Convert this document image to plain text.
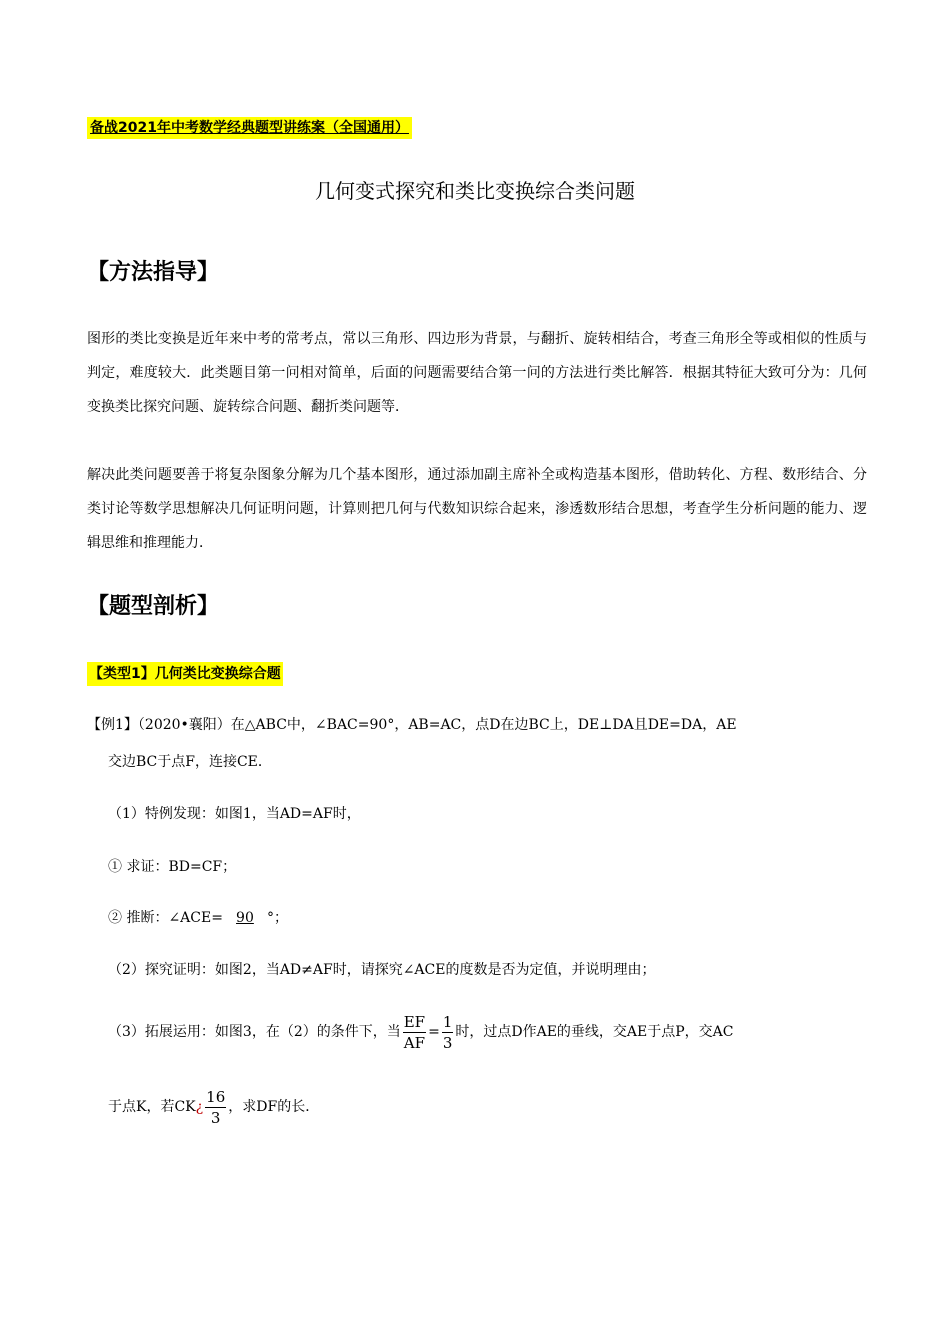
备战2021年中考数学经典题型讲练案（全国通用）
几何变式探究和类比变换综合类问题
【方法指导】
图形的类比变换是近年来中考的常考点，常以三角形、四边形为背景，与翻折、旋转相结合，考查三角形全等或相似的性质与判定，难度较大．此类题目第一问相对简单，后面的问题需要结合第一问的方法进行类比解答．根据其特征大致可分为：几何变换类比探究问题、旋转综合问题、翻折类问题等．
解决此类问题要善于将复杂图象分解为几个基本图形，通过添加副主席补全或构造基本图形，借助转化、方程、数形结合、分类讨论等数学思想解决几何证明问题，计算则把几何与代数知识综合起来，渗透数形结合思想，考查学生分析问题的能力、逻辑思维和推理能力．
【题型剖析】
【类型1】几何类比变换综合题
【例1】（2020•襄阳）在△ABC中，∠BAC=90°，AB=AC，点D在边BC上，DE⊥DA且DE=DA，AE
交边BC于点F，连接CE．
（1）特例发现：如图1，当AD=AF时，
① 求证：BD=CF；
② 推断：∠ACE= 90 °；
（2）探究证明：如图2，当AD≠AF时，请探究∠ACE的度数是否为定值，并说明理由；
（3）拓展运用：如图3，在（2）的条件下，当 $\frac{EF}{AF} = \frac{1}{3}$ 时，过点D作AE的垂线，交AE于点P，交AC
于点K，若CK¿ $\frac{16}{3}$ ，求DF的长．
